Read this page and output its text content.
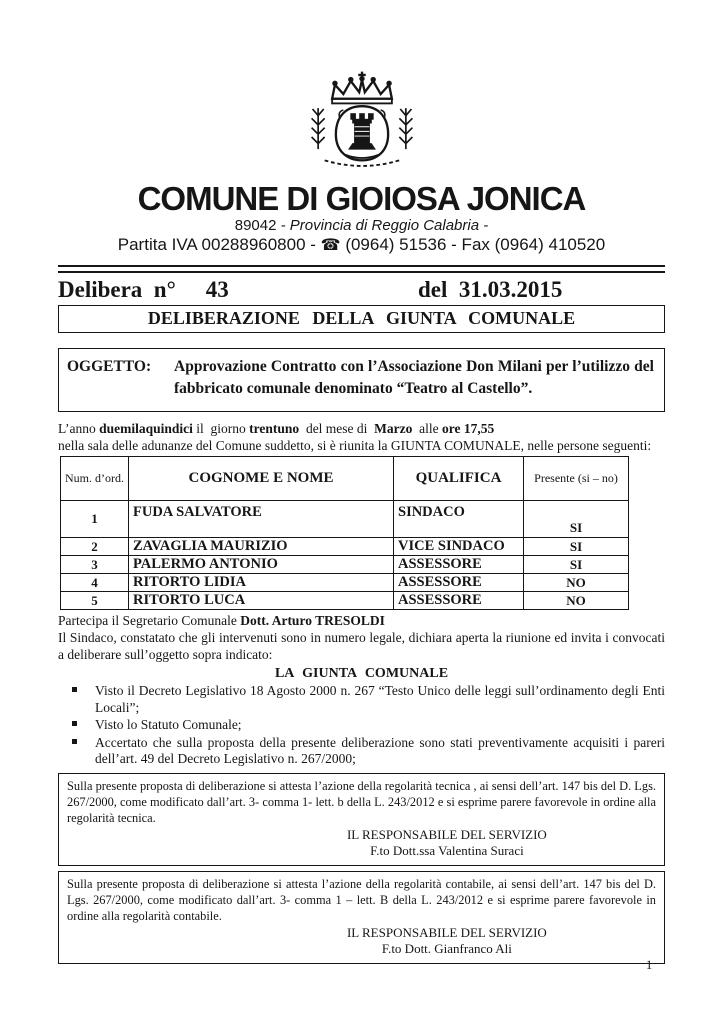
COMUNE DI GIOIOSA JONICA
89042 - Provincia di Reggio Calabria -
Partita IVA 00288960800 - ☎ (0964) 51536 - Fax (0964) 410520
Delibera  n° 43	del  31.03.2015
DELIBERAZIONE DELLA GIUNTA COMUNALE
OGGETTO:	Approvazione Contratto con l’Associazione Don Milani per l’utilizzo del fabbricato comunale denominato “Teatro al Castello”.
L’anno duemilaquindici il  giorno trentuno  del mese di  Marzo  alle ore 17,55

nella sala delle adunanze del Comune suddetto, si è riunita la GIUNTA COMUNALE, nelle persone seguenti:

Num. d’ord.	COGNOME E NOME	QUALIFICA	Presente (si – no)
1	FUDA SALVATORE	SINDACO	SI
2	ZAVAGLIA MAURIZIO	VICE SINDACO	SI
3	PALERMO ANTONIO	ASSESSORE	SI
4	RITORTO LIDIA	ASSESSORE	NO
5	RITORTO LUCA	ASSESSORE	NO
Partecipa il Segretario Comunale Dott. Arturo TRESOLDI
Il Sindaco, constatato che gli intervenuti sono in numero legale, dichiara aperta la riunione ed invita i convocati a deliberare sull’oggetto sopra indicato:
LA GIUNTA COMUNALE
Visto il Decreto Legislativo 18 Agosto 2000 n. 267 “Testo Unico delle leggi sull’ordinamento degli Enti Locali”;
Visto lo Statuto Comunale;
Accertato che sulla proposta della presente deliberazione sono stati preventivamente acquisiti i pareri dell’art. 49 del Decreto Legislativo n. 267/2000;
Sulla presente proposta di deliberazione si attesta l’azione della regolarità tecnica , ai sensi dell’art. 147 bis del D. Lgs. 267/2000, come modificato dall’art. 3- comma 1- lett. b della L. 243/2012 e si esprime parere favorevole in ordine alla regolarità tecnica.
IL RESPONSABILE DEL SERVIZIO
F.to Dott.ssa Valentina Suraci
Sulla presente proposta di deliberazione si attesta l’azione della regolarità contabile, ai sensi dell’art. 147 bis del D. Lgs. 267/2000, come modificato dall’art. 3- comma 1 – lett. B della L. 243/2012 e si esprime parere favorevole in ordine alla regolarità contabile.
IL RESPONSABILE DEL SERVIZIO
F.to Dott. Gianfranco Ali
1
